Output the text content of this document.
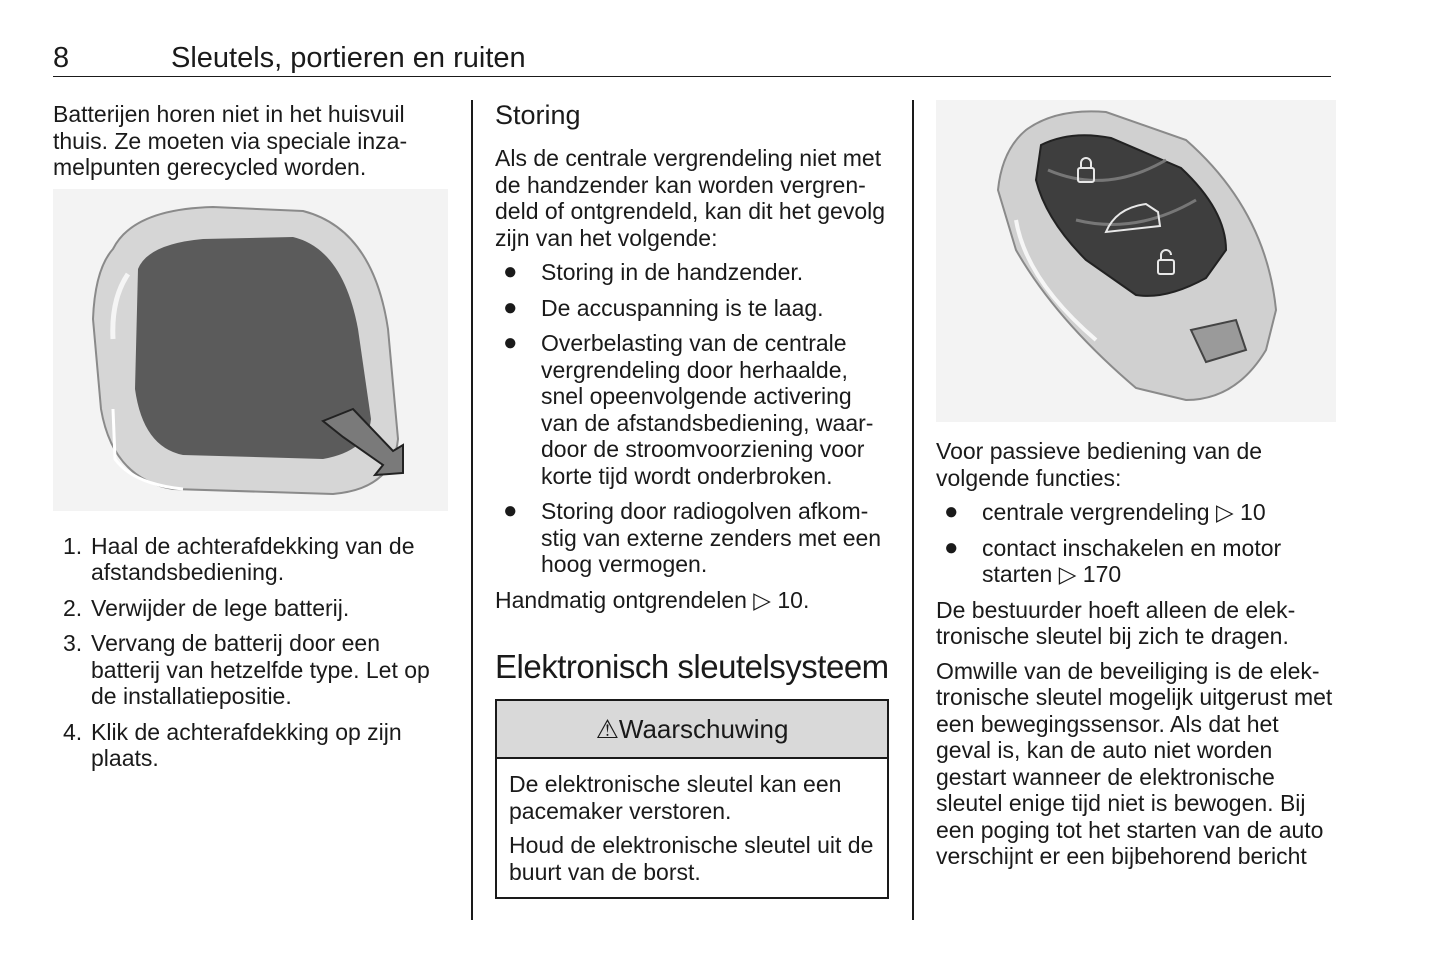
8	Sleutels, portieren en ruiten

Batterijen horen niet in het huisvuil thuis. Ze moeten via speciale inzamelpunten gerecycled worden.

1. Haal de achterafdekking van de afstandsbediening.
2. Verwijder de lege batterij.
3. Vervang de batterij door een batterij van hetzelfde type. Let op de installatiepositie.
4. Klik de achterafdekking op zijn plaats.
Storing

Als de centrale vergrendeling niet met de handzender kan worden vergrendeld of ontgrendeld, kan dit het gevolg zijn van het volgende:

● Storing in de handzender.
● De accuspanning is te laag.
● Overbelasting van de centrale vergrendeling door herhaalde, snel opeenvolgende activering van de afstandsbediening, waardoor de stroomvoorziening voor korte tijd wordt onderbroken.
● Storing door radiogolven afkomstig van externe zenders met een hoog vermogen.

Handmatig ontgrendelen ▷ 10.

Elektronisch sleutelsysteem
⚠Waarschuwing

De elektronische sleutel kan een pacemaker verstoren.

Houd de elektronische sleutel uit de buurt van de borst.

Voor passieve bediening van de volgende functies:

● centrale vergrendeling ▷ 10
● contact inschakelen en motor starten ▷ 170

De bestuurder hoeft alleen de elektronische sleutel bij zich te dragen.

Omwille van de beveiliging is de elektronische sleutel mogelijk uitgerust met een bewegingssensor. Als dat het geval is, kan de auto niet worden gestart wanneer de elektronische sleutel enige tijd niet is bewogen. Bij een poging tot het starten van de auto verschijnt er een bijbehorend bericht
